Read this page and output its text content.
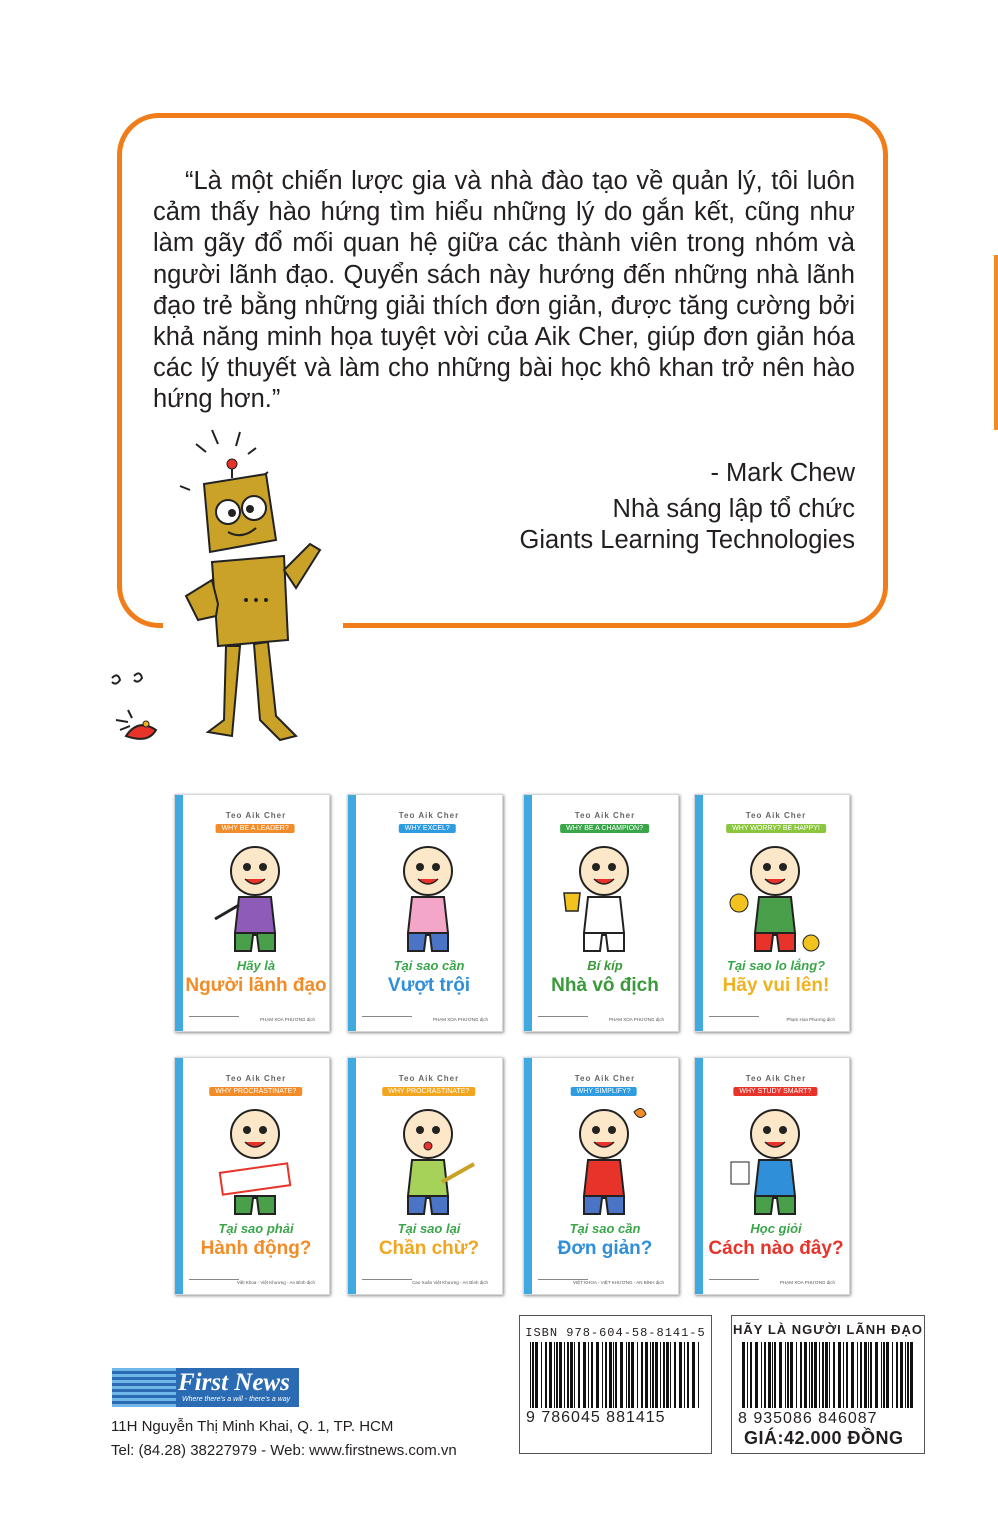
“Là một chiến lược gia và nhà đào tạo về quản lý, tôi luôn cảm thấy hào hứng tìm hiểu những lý do gắn kết, cũng như làm gãy đổ mối quan hệ giữa các thành viên trong nhóm và người lãnh đạo. Quyển sách này hướng đến những nhà lãnh đạo trẻ bằng những giải thích đơn giản, được tăng cường bởi khả năng minh họa tuyệt vời của Aik Cher, giúp đơn giản hóa các lý thuyết và làm cho những bài học khô khan trở nên hào hứng hơn.”
- Mark Chew
Nhà sáng lập tổ chức
Giants Learning Technologies
Teo Aik Cher
WHY BE A LEADER?
Hãy là
Người lãnh đạo
PHẠM XOA PHƯƠNG dịch
Teo Aik Cher
WHY EXCEL?
Tại sao cần
Vượt trội
PHẠM XOA PHƯƠNG dịch
Teo Aik Cher
WHY BE A CHAMPION?
Bí kíp
Nhà vô địch
PHẠM XOA PHƯƠNG dịch
Teo Aik Cher
WHY WORRY? BE HAPPY!
Tại sao lo lắng?
Hãy vui lên!
Phạm Hoa Phương dịch
Teo Aik Cher
WHY PROCRASTINATE?
Tại sao phải
Hành động?
Việt Khoa - Việt Khương - An Bình dịch
Teo Aik Cher
WHY PROCRASTINATE?
Tại sao lại
Chần chừ?
Cao Xuân Việt Khương - An Bình dịch
Teo Aik Cher
WHY SIMPLIFY?
Tại sao cần
Đơn giản?
VIỆT KHOA - VIỆT KHƯƠNG - AN BÌNH dịch
Teo Aik Cher
WHY STUDY SMART?
Học giỏi
Cách nào đây?
PHẠM XOA PHƯƠNG dịch
First News
Where there's a will - there's a way
11H Nguyễn Thị Minh Khai, Q. 1, TP. HCM
Tel: (84.28) 38227979 - Web: www.firstnews.com.vn
ISBN 978-604-58-8141-5
9 786045 881415
HÃY LÀ NGƯỜI LÃNH ĐẠO
8 935086 846087
GIÁ:42.000 ĐỒNG
